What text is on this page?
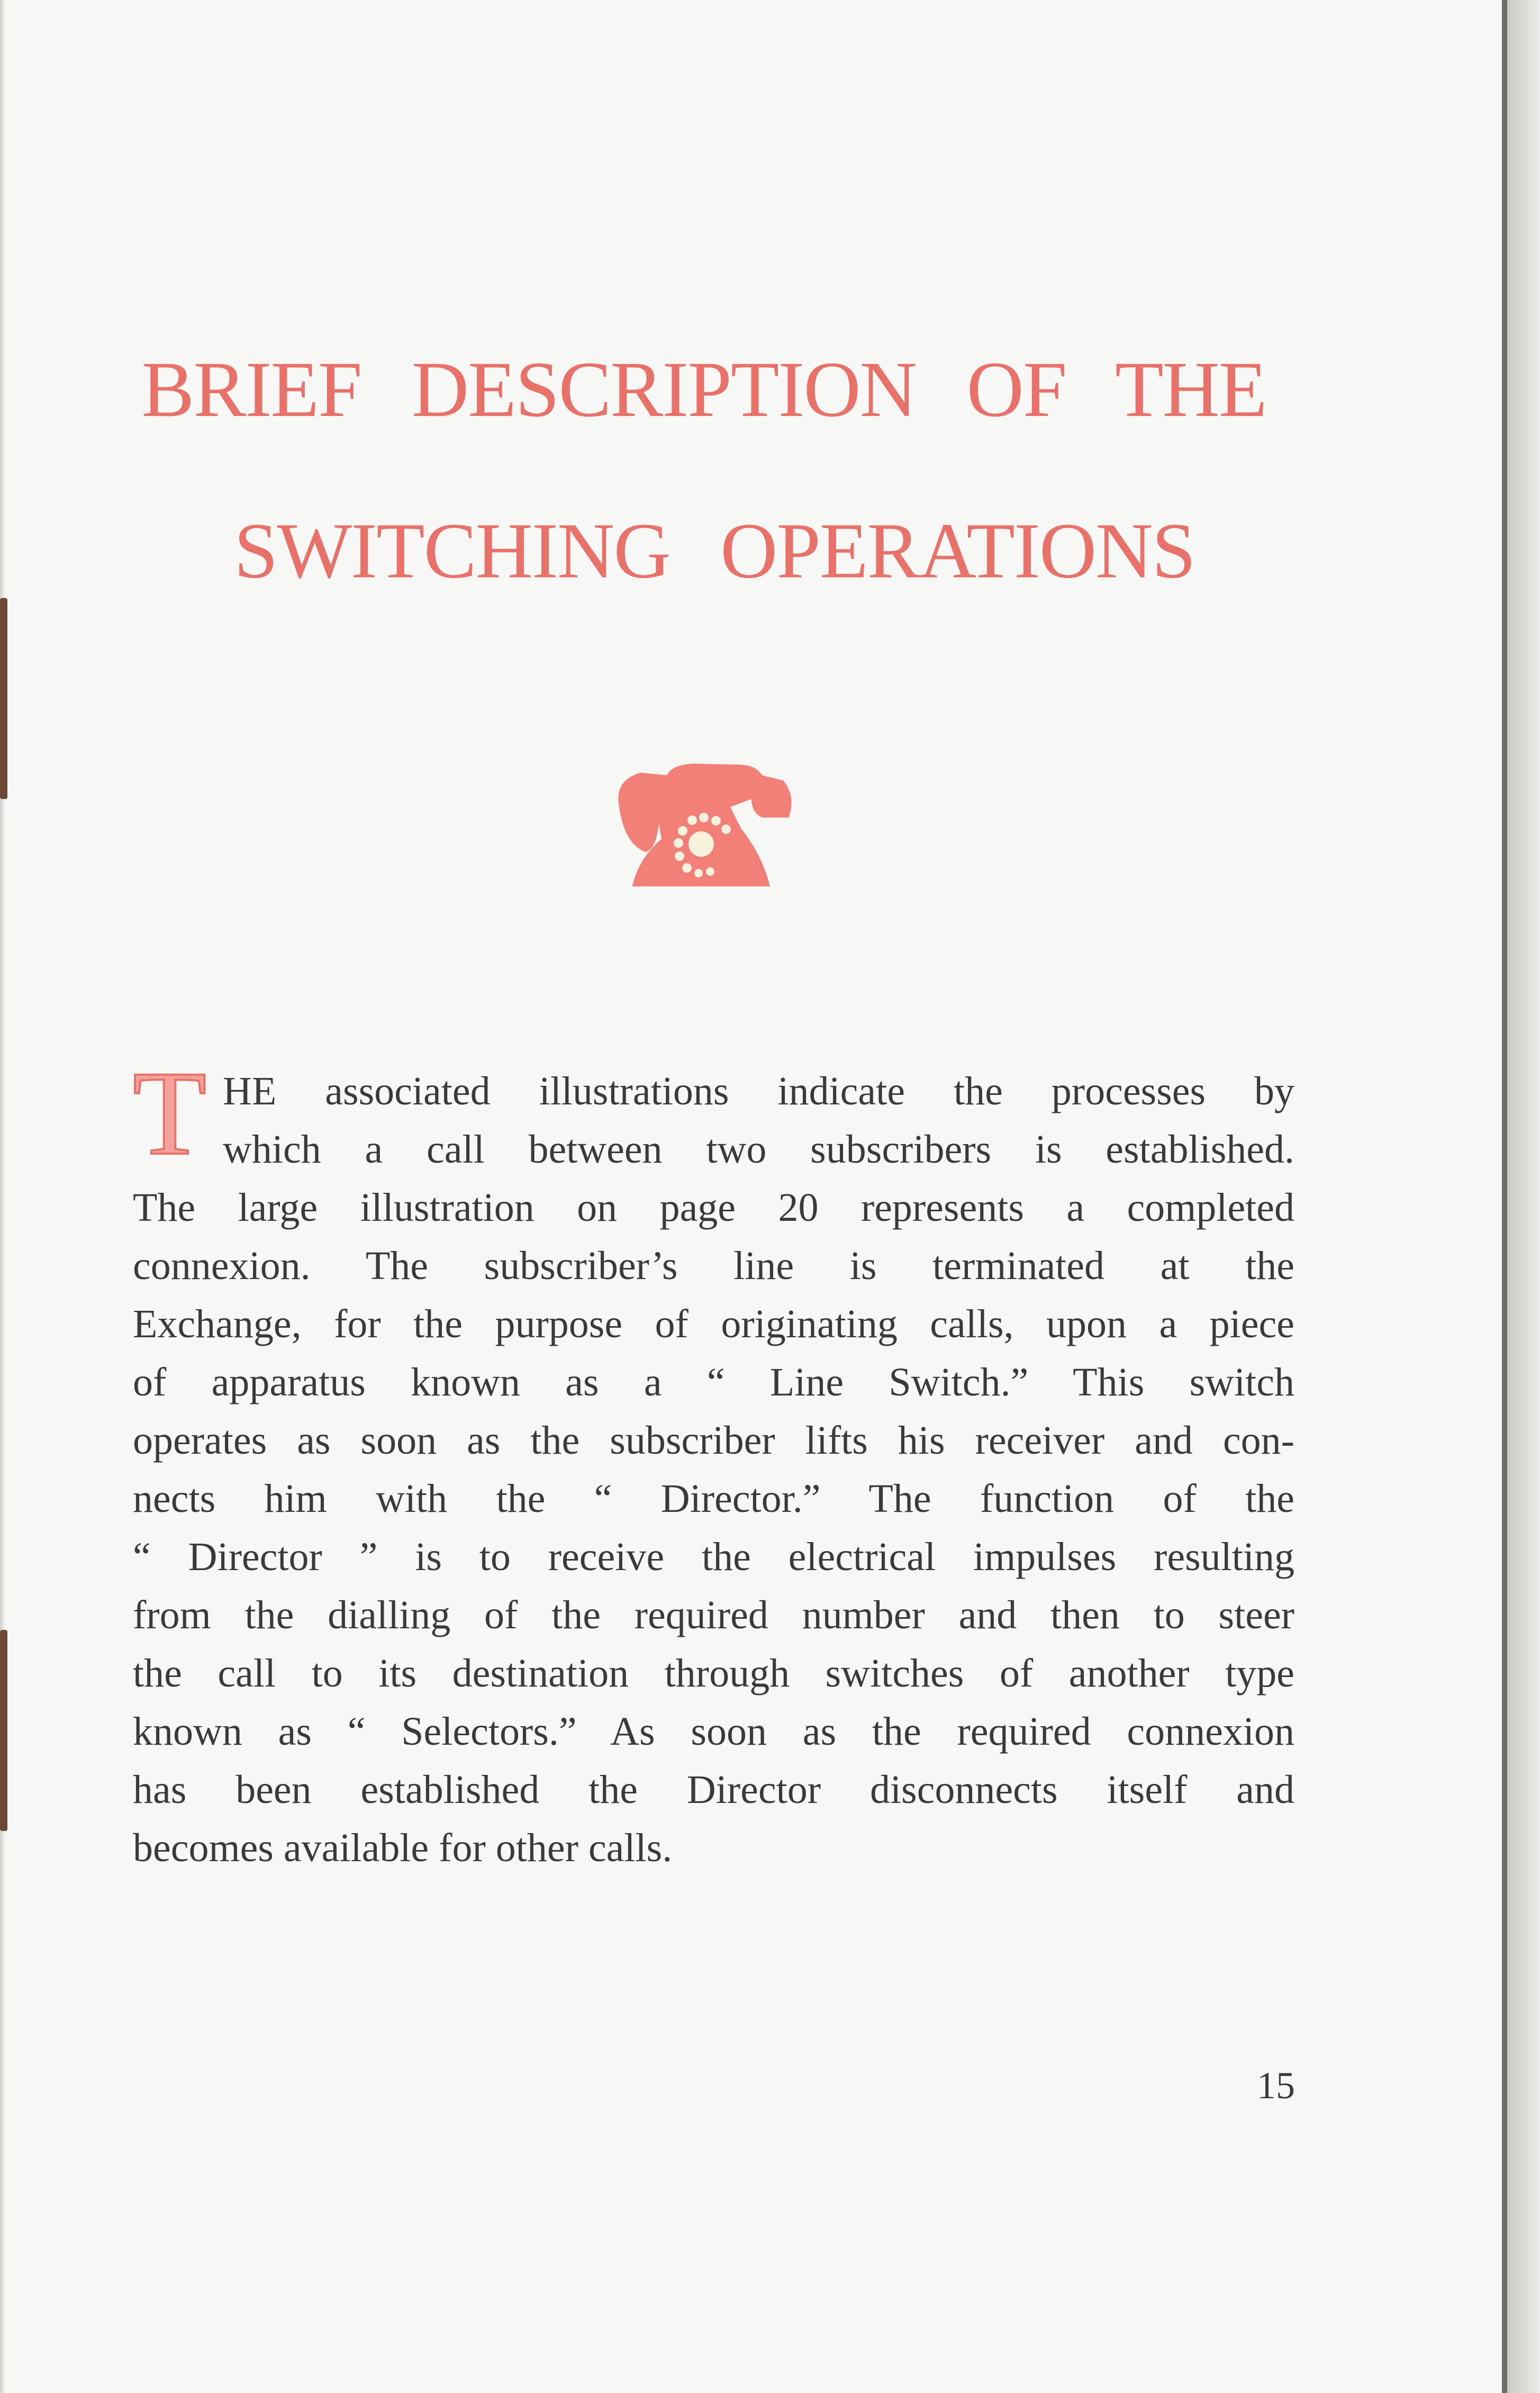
BRIEF DESCRIPTION OF THE
SWITCHING OPERATIONS
T HE associated illustrations indicate the processes by
which a call between two subscribers is established.
The large illustration on page 20 represents a completed
connexion. The subscriber’s line is terminated at the
Exchange, for the purpose of originating calls, upon a piece
of apparatus known as a “ Line Switch.” This switch
operates as soon as the subscriber lifts his receiver and con-
nects him with the “ Director.” The function of the
“ Director ” is to receive the electrical impulses resulting
from the dialling of the required number and then to steer
the call to its destination through switches of another type
known as “ Selectors.” As soon as the required connexion
has been established the Director disconnects itself and
becomes available for other calls.
15
